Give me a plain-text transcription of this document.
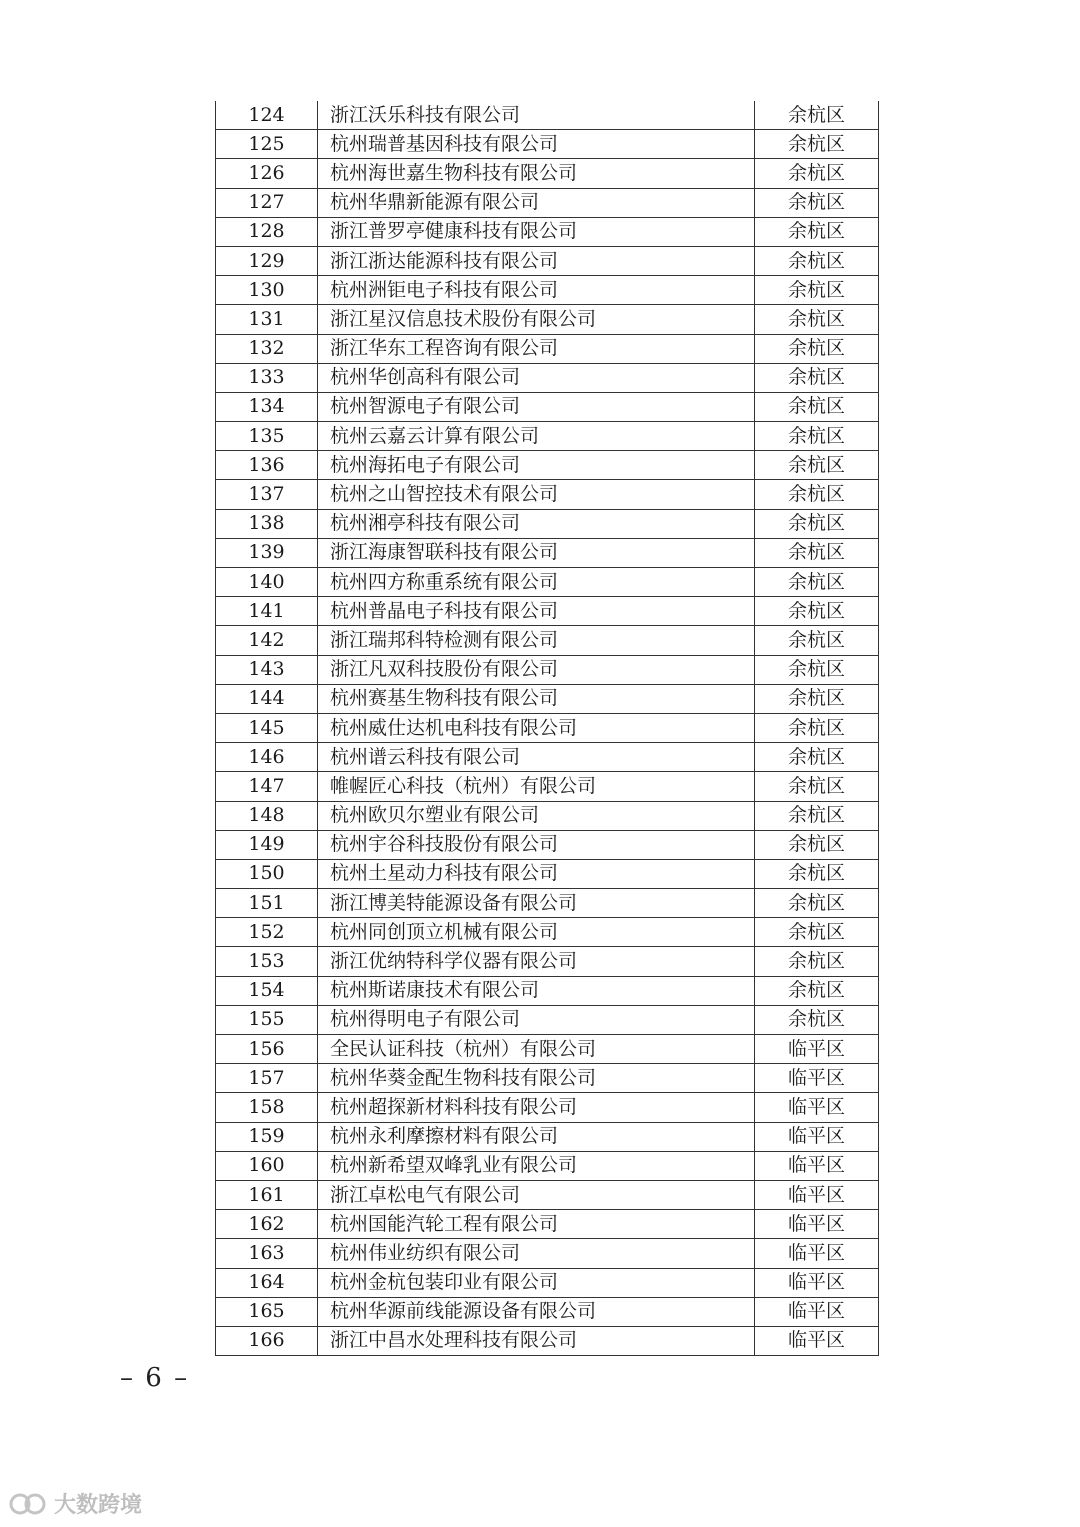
124	浙江沃乐科技有限公司	余杭区
125	杭州瑞普基因科技有限公司	余杭区
126	杭州海世嘉生物科技有限公司	余杭区
127	杭州华鼎新能源有限公司	余杭区
128	浙江普罗亭健康科技有限公司	余杭区
129	浙江浙达能源科技有限公司	余杭区
130	杭州洲钜电子科技有限公司	余杭区
131	浙江星汉信息技术股份有限公司	余杭区
132	浙江华东工程咨询有限公司	余杭区
133	杭州华创高科有限公司	余杭区
134	杭州智源电子有限公司	余杭区
135	杭州云嘉云计算有限公司	余杭区
136	杭州海拓电子有限公司	余杭区
137	杭州之山智控技术有限公司	余杭区
138	杭州湘亭科技有限公司	余杭区
139	浙江海康智联科技有限公司	余杭区
140	杭州四方称重系统有限公司	余杭区
141	杭州普晶电子科技有限公司	余杭区
142	浙江瑞邦科特检测有限公司	余杭区
143	浙江凡双科技股份有限公司	余杭区
144	杭州赛基生物科技有限公司	余杭区
145	杭州威仕达机电科技有限公司	余杭区
146	杭州谱云科技有限公司	余杭区
147	帷幄匠心科技（杭州）有限公司	余杭区
148	杭州欧贝尔塑业有限公司	余杭区
149	杭州宇谷科技股份有限公司	余杭区
150	杭州土星动力科技有限公司	余杭区
151	浙江博美特能源设备有限公司	余杭区
152	杭州同创顶立机械有限公司	余杭区
153	浙江优纳特科学仪器有限公司	余杭区
154	杭州斯诺康技术有限公司	余杭区
155	杭州得明电子有限公司	余杭区
156	全民认证科技（杭州）有限公司	临平区
157	杭州华葵金配生物科技有限公司	临平区
158	杭州超探新材料科技有限公司	临平区
159	杭州永利摩擦材料有限公司	临平区
160	杭州新希望双峰乳业有限公司	临平区
161	浙江卓松电气有限公司	临平区
162	杭州国能汽轮工程有限公司	临平区
163	杭州伟业纺织有限公司	临平区
164	杭州金杭包装印业有限公司	临平区
165	杭州华源前线能源设备有限公司	临平区
166	浙江中昌水处理科技有限公司	临平区
– 6 –
大数跨境
